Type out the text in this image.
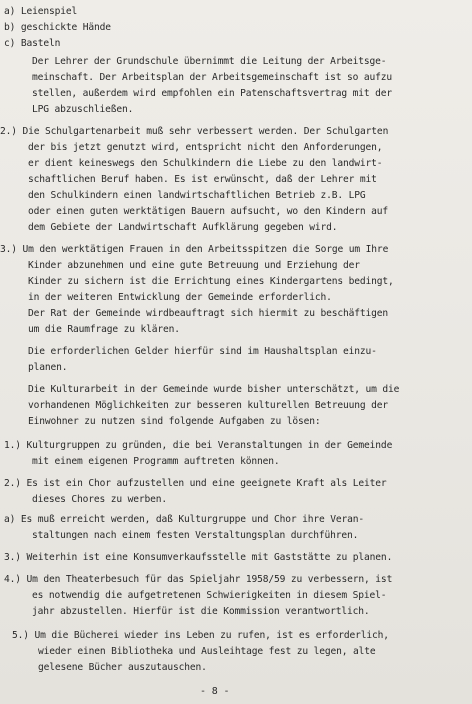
a) Leienspiel
b) geschickte Hände
c) Basteln
Der Lehrer der Grundschule übernimmt die Leitung der Arbeitsge-
meinschaft. Der Arbeitsplan der Arbeitsgemeinschaft ist so aufzu
stellen, außerdem wird empfohlen ein Patenschaftsvertrag mit der
LPG abzuschließen.
2.) Die Schulgartenarbeit muß sehr verbessert werden. Der Schulgarten
der bis jetzt genutzt wird, entspricht nicht den Anforderungen,
er dient keineswegs den Schulkindern die Liebe zu den landwirt-
schaftlichen Beruf haben. Es ist erwünscht, daß der Lehrer mit
den Schulkindern einen landwirtschaftlichen Betrieb z.B. LPG
oder einen guten werktätigen Bauern aufsucht, wo den Kindern auf
dem Gebiete der Landwirtschaft Aufklärung gegeben wird.
3.) Um den werktätigen Frauen in den Arbeitsspitzen die Sorge um Ihre
Kinder abzunehmen und eine gute Betreuung und Erziehung der
Kinder zu sichern ist die Errichtung eines Kindergartens bedingt,
in der weiteren Entwicklung der Gemeinde erforderlich.
Der Rat der Gemeinde wirdbeauftragt sich hiermit zu beschäftigen
um die Raumfrage zu klären.
Die erforderlichen Gelder hierfür sind im Haushaltsplan einzu-
planen.
Die Kulturarbeit in der Gemeinde wurde bisher unterschätzt, um die
vorhandenen Möglichkeiten zur besseren kulturellen Betreuung der
Einwohner zu nutzen sind folgende Aufgaben zu lösen:
1.) Kulturgruppen zu gründen, die bei Veranstaltungen in der Gemeinde
mit einem eigenen Programm auftreten können.
2.) Es ist ein Chor aufzustellen und eine geeignete Kraft als Leiter
dieses Chores zu werben.
a) Es muß erreicht werden, daß Kulturgruppe und Chor ihre Veran-
staltungen nach einem festen Verstaltungsplan durchführen.
3.) Weiterhin ist eine Konsumverkaufsstelle mit Gaststätte zu planen.
4.) Um den Theaterbesuch für das Spieljahr 1958/59 zu verbessern, ist
es notwendig die aufgetretenen Schwierigkeiten in diesem Spiel-
jahr abzustellen. Hierfür ist die Kommission verantwortlich.
5.) Um die Bücherei wieder ins Leben zu rufen, ist es erforderlich,
wieder einen Bibliotheka und Ausleihtage fest zu legen, alte
gelesene Bücher auszutauschen.
- 8 -
